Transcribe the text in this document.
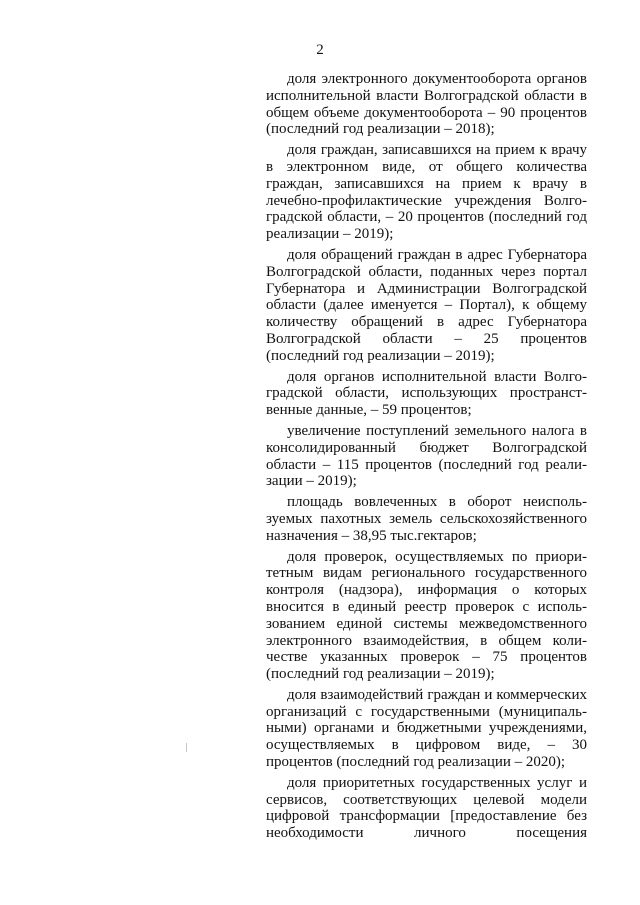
2

доля электронного документооборота органов исполнительной власти Волгоградской области в общем объеме документооборота – 90 процентов (последний год реализации – 2018);

доля граждан, записавшихся на прием к врачу в электронном виде, от общего количества граждан, записавшихся на прием к врачу в лечебно-профилактические учреждения Волгоградской области, – 20 процентов (последний год реализации – 2019);

доля обращений граждан в адрес Губернатора Волгоградской области, поданных через портал Губернатора и Администрации Волгоградской области (далее именуется – Портал), к общему количеству обращений в адрес Губернатора Волгоградской области – 25 процентов (последний год реализации – 2019);

доля органов исполнительной власти Волгоградской области, использующих пространственные данные, – 59 процентов;

увеличение поступлений земельного налога в консолидированный бюджет Волгоградской области – 115 процентов (последний год реализации – 2019);

площадь вовлеченных в оборот неиспользуемых пахотных земель сельскохозяйственного назначения – 38,95 тыс.гектаров;

доля проверок, осуществляемых по приоритетным видам регионального государственного контроля (надзора), информация о которых вносится в единый реестр проверок с использованием единой системы межведомственного электронного взаимодействия, в общем количестве указанных проверок – 75 процентов (последний год реализации – 2019);

доля взаимодействий граждан и коммерческих организаций с государственными (муниципальными) органами и бюджетными учреждениями, осуществляемых в цифровом виде, – 30 процентов (последний год реализации – 2020);

доля приоритетных государственных услуг и сервисов, соответствующих целевой модели цифровой трансформации [предоставление без необходимости личного посещения
